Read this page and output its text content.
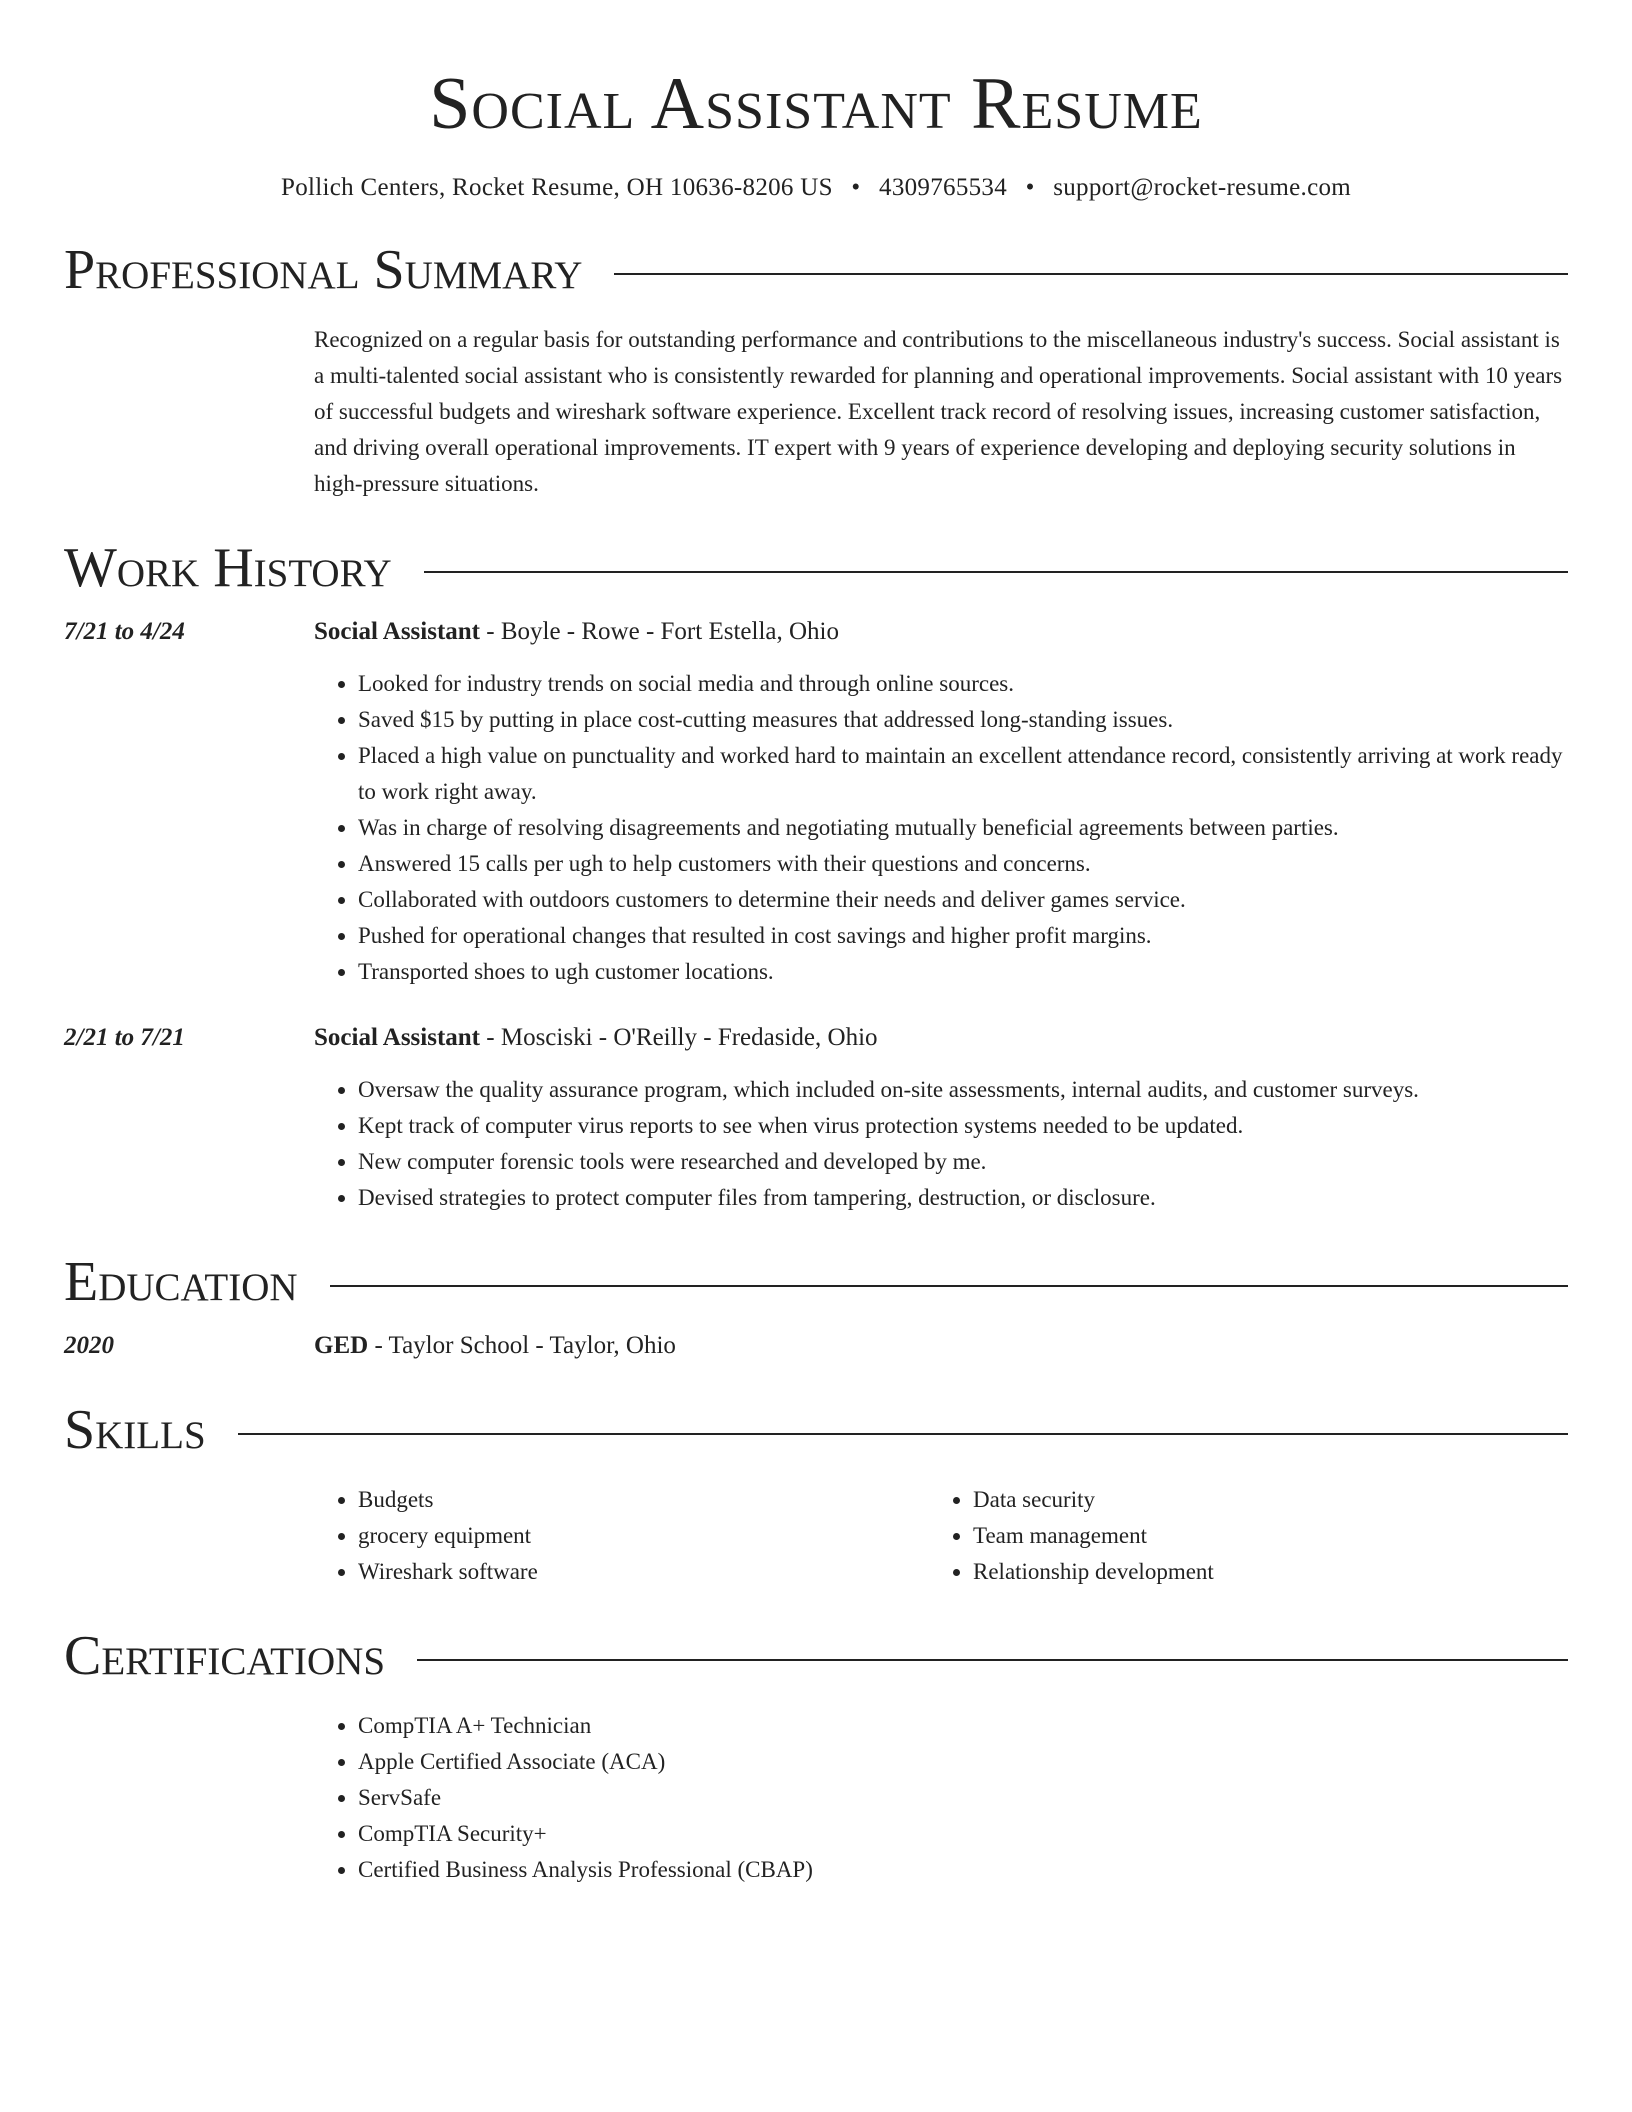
Social Assistant Resume
Pollich Centers, Rocket Resume, OH 10636-8206 US • 4309765534 • support@rocket-resume.com
Professional Summary
Recognized on a regular basis for outstanding performance and contributions to the miscellaneous industry's success. Social assistant is a multi-talented social assistant who is consistently rewarded for planning and operational improvements. Social assistant with 10 years of successful budgets and wireshark software experience. Excellent track record of resolving issues, increasing customer satisfaction, and driving overall operational improvements. IT expert with 9 years of experience developing and deploying security solutions in high-pressure situations.
Work History
7/21 to 4/24	Social Assistant - Boyle - Rowe - Fort Estella, Ohio
• Looked for industry trends on social media and through online sources.
• Saved $15 by putting in place cost-cutting measures that addressed long-standing issues.
• Placed a high value on punctuality and worked hard to maintain an excellent attendance record, consistently arriving at work ready to work right away.
• Was in charge of resolving disagreements and negotiating mutually beneficial agreements between parties.
• Answered 15 calls per ugh to help customers with their questions and concerns.
• Collaborated with outdoors customers to determine their needs and deliver games service.
• Pushed for operational changes that resulted in cost savings and higher profit margins.
• Transported shoes to ugh customer locations.
2/21 to 7/21	Social Assistant - Mosciski - O'Reilly - Fredaside, Ohio
• Oversaw the quality assurance program, which included on-site assessments, internal audits, and customer surveys.
• Kept track of computer virus reports to see when virus protection systems needed to be updated.
• New computer forensic tools were researched and developed by me.
• Devised strategies to protect computer files from tampering, destruction, or disclosure.
Education
2020	GED - Taylor School - Taylor, Ohio
Skills
• Budgets
• grocery equipment
• Wireshark software
• Data security
• Team management
• Relationship development
Certifications
• CompTIA A+ Technician
• Apple Certified Associate (ACA)
• ServSafe
• CompTIA Security+
• Certified Business Analysis Professional (CBAP)
